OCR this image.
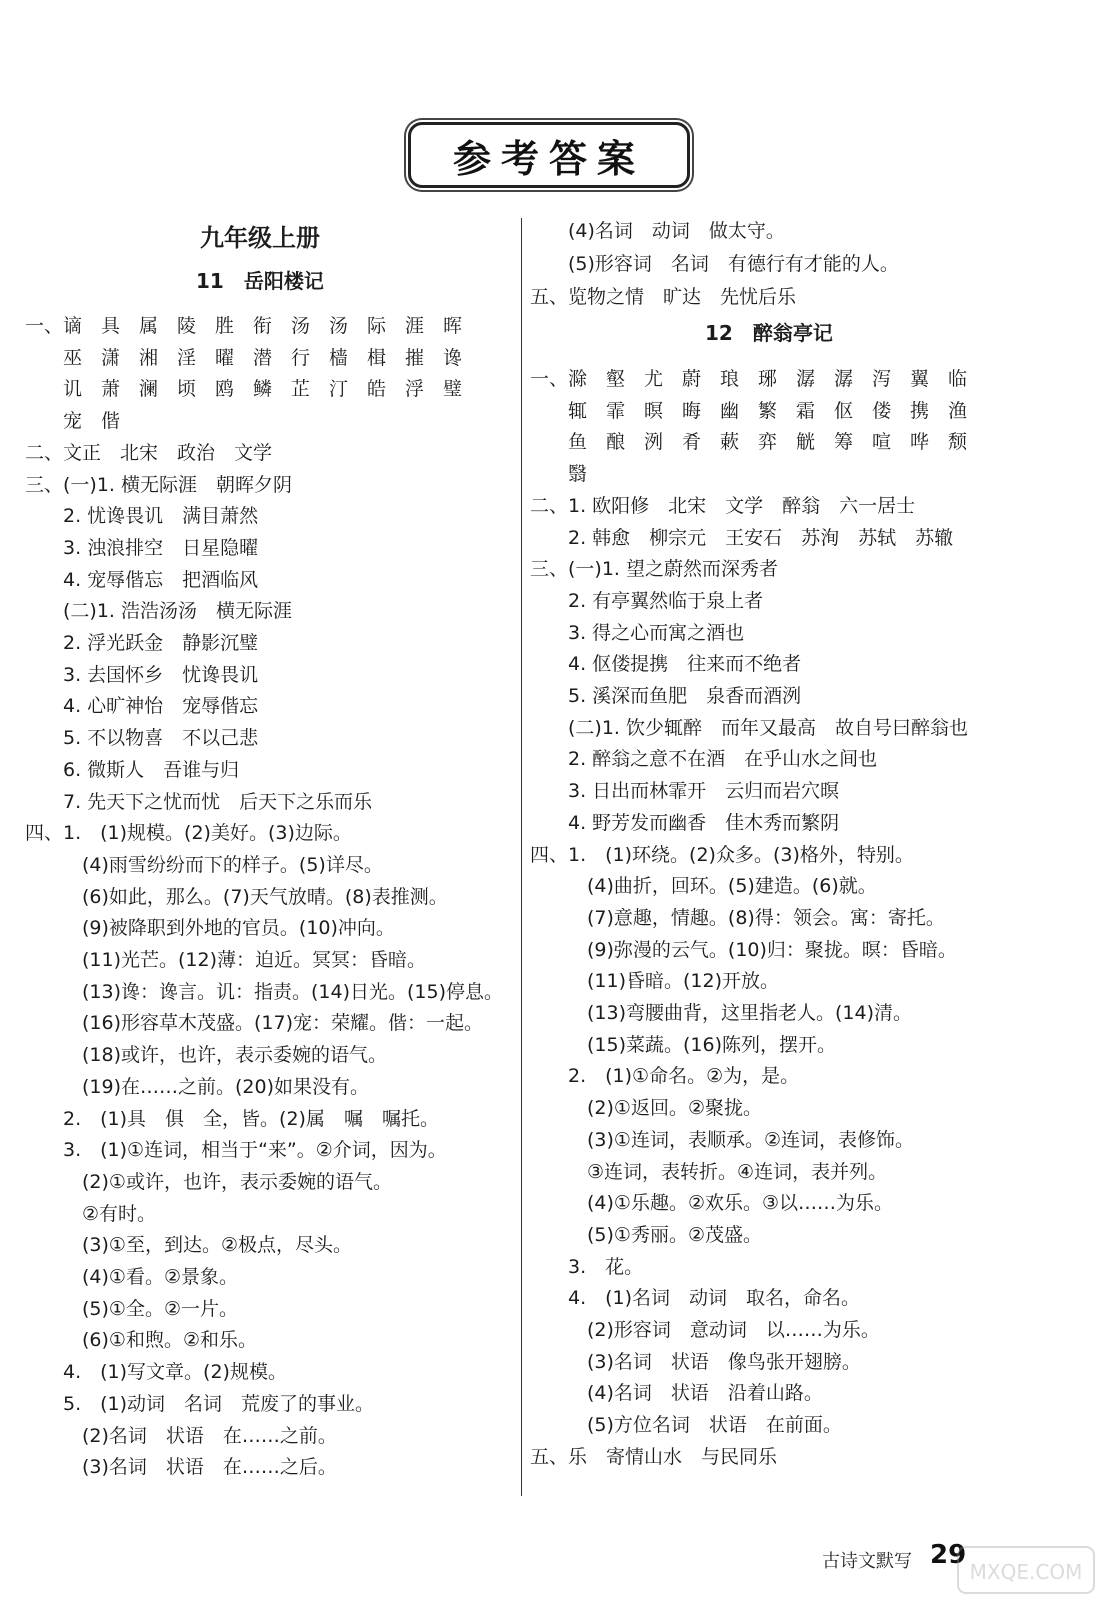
参考答案
九年级上册
11　岳阳楼记
一、谪　具　属　陵　胜　衔　汤　汤　际　涯　晖
　　巫　潇　湘　淫　曜　潜　行　樯　楫　摧　谗
　　讥　萧　澜　顷　鸥　鳞　芷　汀　皓　浮　璧
　　宠　偕
二、文正　北宋　政治　文学
三、(一)1. 横无际涯　朝晖夕阴
　　2. 忧谗畏讥　满目萧然
　　3. 浊浪排空　日星隐曜
　　4. 宠辱偕忘　把酒临风
　　(二)1. 浩浩汤汤　横无际涯
　　2. 浮光跃金　静影沉璧
　　3. 去国怀乡　忧谗畏讥
　　4. 心旷神怡　宠辱偕忘
　　5. 不以物喜　不以己悲
　　6. 微斯人　吾谁与归
　　7. 先天下之忧而忧　后天下之乐而乐
四、1.　(1)规模。(2)美好。(3)边际。
　　　(4)雨雪纷纷而下的样子。(5)详尽。
　　　(6)如此，那么。(7)天气放晴。(8)表推测。
　　　(9)被降职到外地的官员。(10)冲向。
　　　(11)光芒。(12)薄：迫近。冥冥：昏暗。
　　　(13)谗：谗言。讥：指责。(14)日光。(15)停息。
　　　(16)形容草木茂盛。(17)宠：荣耀。偕：一起。
　　　(18)或许，也许，表示委婉的语气。
　　　(19)在……之前。(20)如果没有。
　　2.　(1)具　俱　全，皆。(2)属　嘱　嘱托。
　　3.　(1)①连词，相当于“来”。②介词，因为。
　　　(2)①或许，也许，表示委婉的语气。
　　　②有时。
　　　(3)①至，到达。②极点，尽头。
　　　(4)①看。②景象。
　　　(5)①全。②一片。
　　　(6)①和煦。②和乐。
　　4.　(1)写文章。(2)规模。
　　5.　(1)动词　名词　荒废了的事业。
　　　(2)名词　状语　在……之前。
　　　(3)名词　状语　在……之后。
　　(4)名词　动词　做太守。
　　(5)形容词　名词　有德行有才能的人。
五、览物之情　旷达　先忧后乐
12　醉翁亭记
一、滁　壑　尤　蔚　琅　琊　潺　潺　泻　翼　临
　　辄　霏　暝　晦　幽　繁　霜　伛　偻　携　渔
　　鱼　酿　洌　肴　蔌　弈　觥　筹　喧　哗　颓
　　翳
二、1. 欧阳修　北宋　文学　醉翁　六一居士
　　2. 韩愈　柳宗元　王安石　苏洵　苏轼　苏辙
三、(一)1. 望之蔚然而深秀者
　　2. 有亭翼然临于泉上者
　　3. 得之心而寓之酒也
　　4. 伛偻提携　往来而不绝者
　　5. 溪深而鱼肥　泉香而酒洌
　　(二)1. 饮少辄醉　而年又最高　故自号曰醉翁也
　　2. 醉翁之意不在酒　在乎山水之间也
　　3. 日出而林霏开　云归而岩穴暝
　　4. 野芳发而幽香　佳木秀而繁阴
四、1.　(1)环绕。(2)众多。(3)格外，特别。
　　　(4)曲折，回环。(5)建造。(6)就。
　　　(7)意趣，情趣。(8)得：领会。寓：寄托。
　　　(9)弥漫的云气。(10)归：聚拢。暝：昏暗。
　　　(11)昏暗。(12)开放。
　　　(13)弯腰曲背，这里指老人。(14)清。
　　　(15)菜蔬。(16)陈列，摆开。
　　2.　(1)①命名。②为，是。
　　　(2)①返回。②聚拢。
　　　(3)①连词，表顺承。②连词，表修饰。
　　　③连词，表转折。④连词，表并列。
　　　(4)①乐趣。②欢乐。③以……为乐。
　　　(5)①秀丽。②茂盛。
　　3.　花。
　　4.　(1)名词　动词　取名，命名。
　　　(2)形容词　意动词　以……为乐。
　　　(3)名词　状语　像鸟张开翅膀。
　　　(4)名词　状语　沿着山路。
　　　(5)方位名词　状语　在前面。
五、乐　寄情山水　与民同乐
古诗文默写 29
MXQE.COM
